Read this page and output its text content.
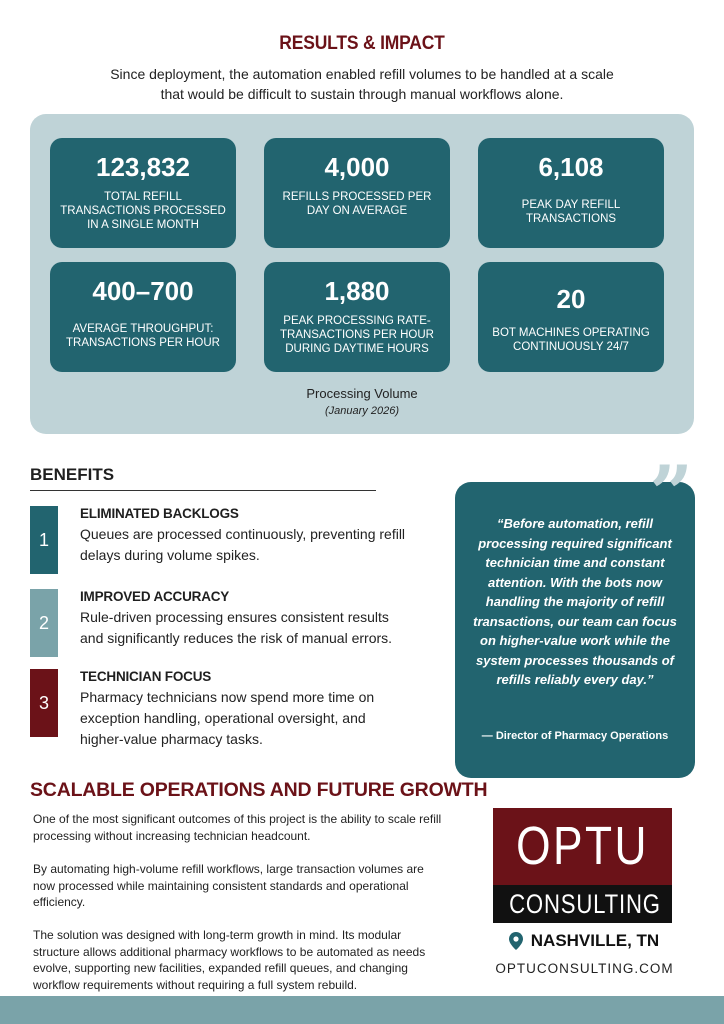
RESULTS & IMPACT
Since deployment, the automation enabled refill volumes to be handled at a scale that would be difficult to sustain through manual workflows alone.
123,832
TOTAL REFILL TRANSACTIONS PROCESSED IN A SINGLE MONTH
4,000
REFILLS PROCESSED PER DAY ON AVERAGE
6,108
PEAK DAY REFILL TRANSACTIONS
400–700
AVERAGE THROUGHPUT: TRANSACTIONS PER HOUR
1,880
PEAK PROCESSING RATE- TRANSACTIONS PER HOUR DURING DAYTIME HOURS
20
BOT MACHINES OPERATING CONTINUOUSLY 24/7
Processing Volume
(January 2026)
BENEFITS
1
ELIMINATED BACKLOGS
Queues are processed continuously, preventing refill delays during volume spikes.
2
IMPROVED ACCURACY
Rule-driven processing ensures consistent results and significantly reduces the risk of manual errors.
3
TECHNICIAN FOCUS
Pharmacy technicians now spend more time on exception handling, operational oversight, and higher-value pharmacy tasks.
”
“Before automation, refill processing required significant technician time and constant attention. With the bots now handling the majority of refill transactions, our team can focus on higher-value work while the system processes thousands of refills reliably every day.”
— Director of Pharmacy Operations
SCALABLE OPERATIONS AND FUTURE GROWTH
One of the most significant outcomes of this project is the ability to scale refill processing without increasing technician headcount.
By automating high-volume refill workflows, large transaction volumes are now processed while maintaining consistent standards and operational efficiency.
The solution was designed with long-term growth in mind. Its modular structure allows additional pharmacy workflows to be automated as needs evolve, supporting new facilities, expanded refill queues, and changing workflow requirements without requiring a full system rebuild.
OPTU
CONSULTING
NASHVILLE, TN
OPTUCONSULTING.COM
